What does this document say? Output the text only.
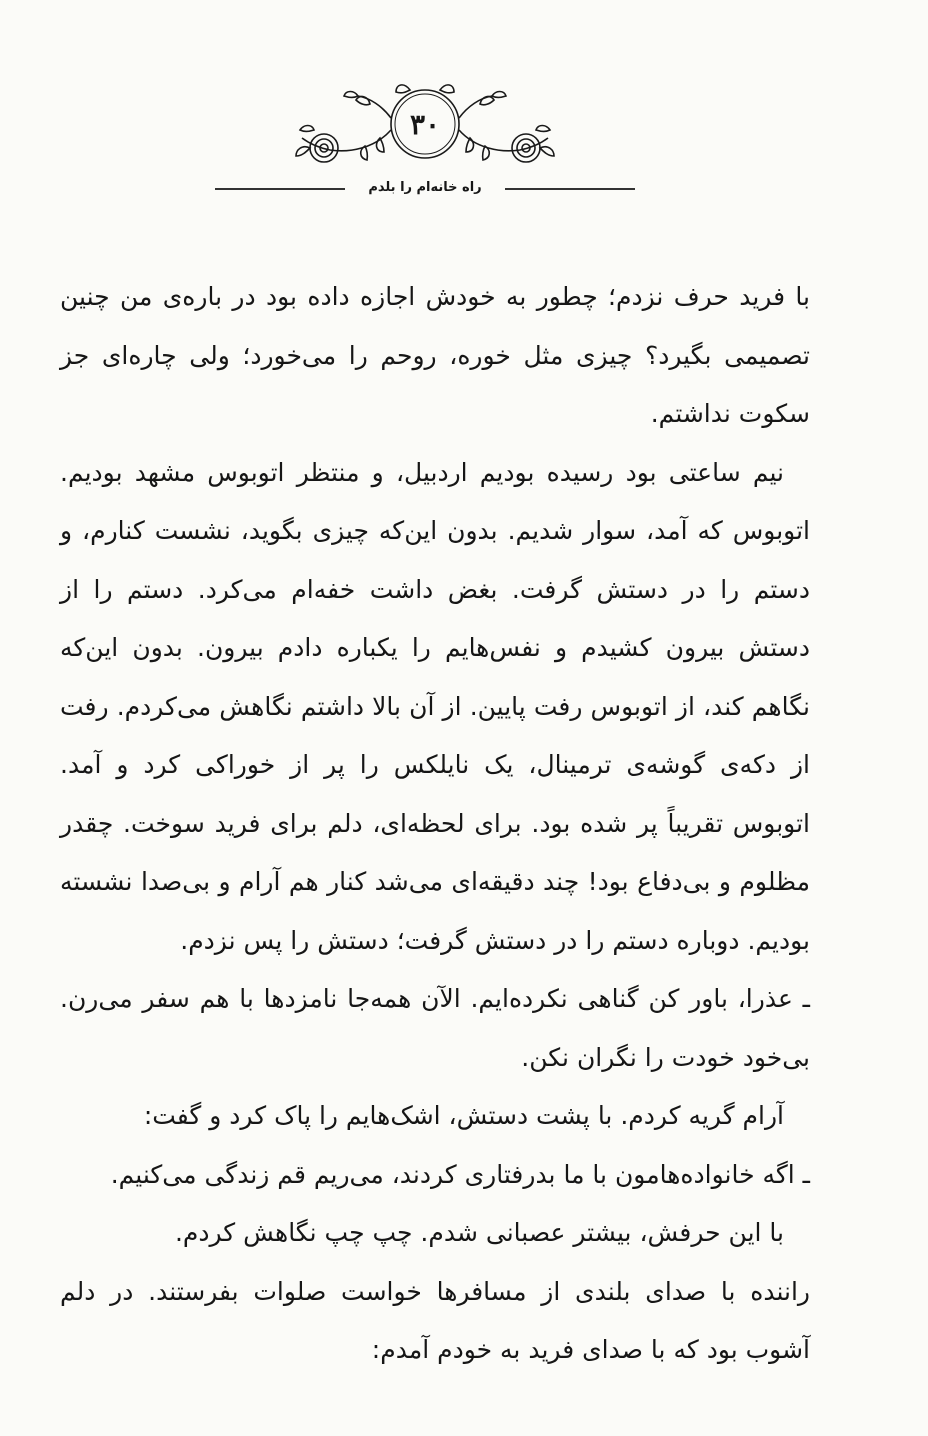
۳۰
راه خانه‌ام را بلدم

با فرید حرف نزدم؛ چطور به خودش اجازه داده بود در باره‌ی من چنین تصمیمی بگیرد؟ چیزی مثل خوره، روحم را می‌خورد؛ ولی چاره‌ای جز سکوت نداشتم.

نیم ساعتی بود رسیده بودیم اردبیل، و منتظر اتوبوس مشهد بودیم. اتوبوس که آمد، سوار شدیم. بدون این‌که چیزی بگوید، نشست کنارم، و دستم را در دستش گرفت. بغض داشت خفه‌ام می‌کرد. دستم را از دستش بیرون کشیدم و نفس‌هایم را یکباره دادم بیرون. بدون این‌که نگاهم کند، از اتوبوس رفت پایین. از آن بالا داشتم نگاهش می‌کردم. رفت از دکه‌ی گوشه‌ی ترمینال، یک نایلکس را پر از خوراکی کرد و آمد. اتوبوس تقریباً پر شده بود. برای لحظه‌ای، دلم برای فرید سوخت. چقدر مظلوم و بی‌دفاع بود! چند دقیقه‌ای می‌شد کنار هم آرام و بی‌صدا نشسته بودیم. دوباره دستم را در دستش گرفت؛ دستش را پس نزدم.

ـ عذرا، باور کن گناهی نکرده‌ایم. الآن همه‌جا نامزدها با هم سفر می‌رن. بی‌خود خودت را نگران نکن.

آرام گریه کردم. با پشت دستش، اشک‌هایم را پاک کرد و گفت:

ـ اگه خانواده‌هامون با ما بدرفتاری کردند، می‌ریم قم زندگی می‌کنیم.

با این حرفش، بیشتر عصبانی شدم. چپ چپ نگاهش کردم.

راننده با صدای بلندی از مسافرها خواست صلوات بفرستند. در دلم آشوب بود که با صدای فرید به خودم آمدم:
